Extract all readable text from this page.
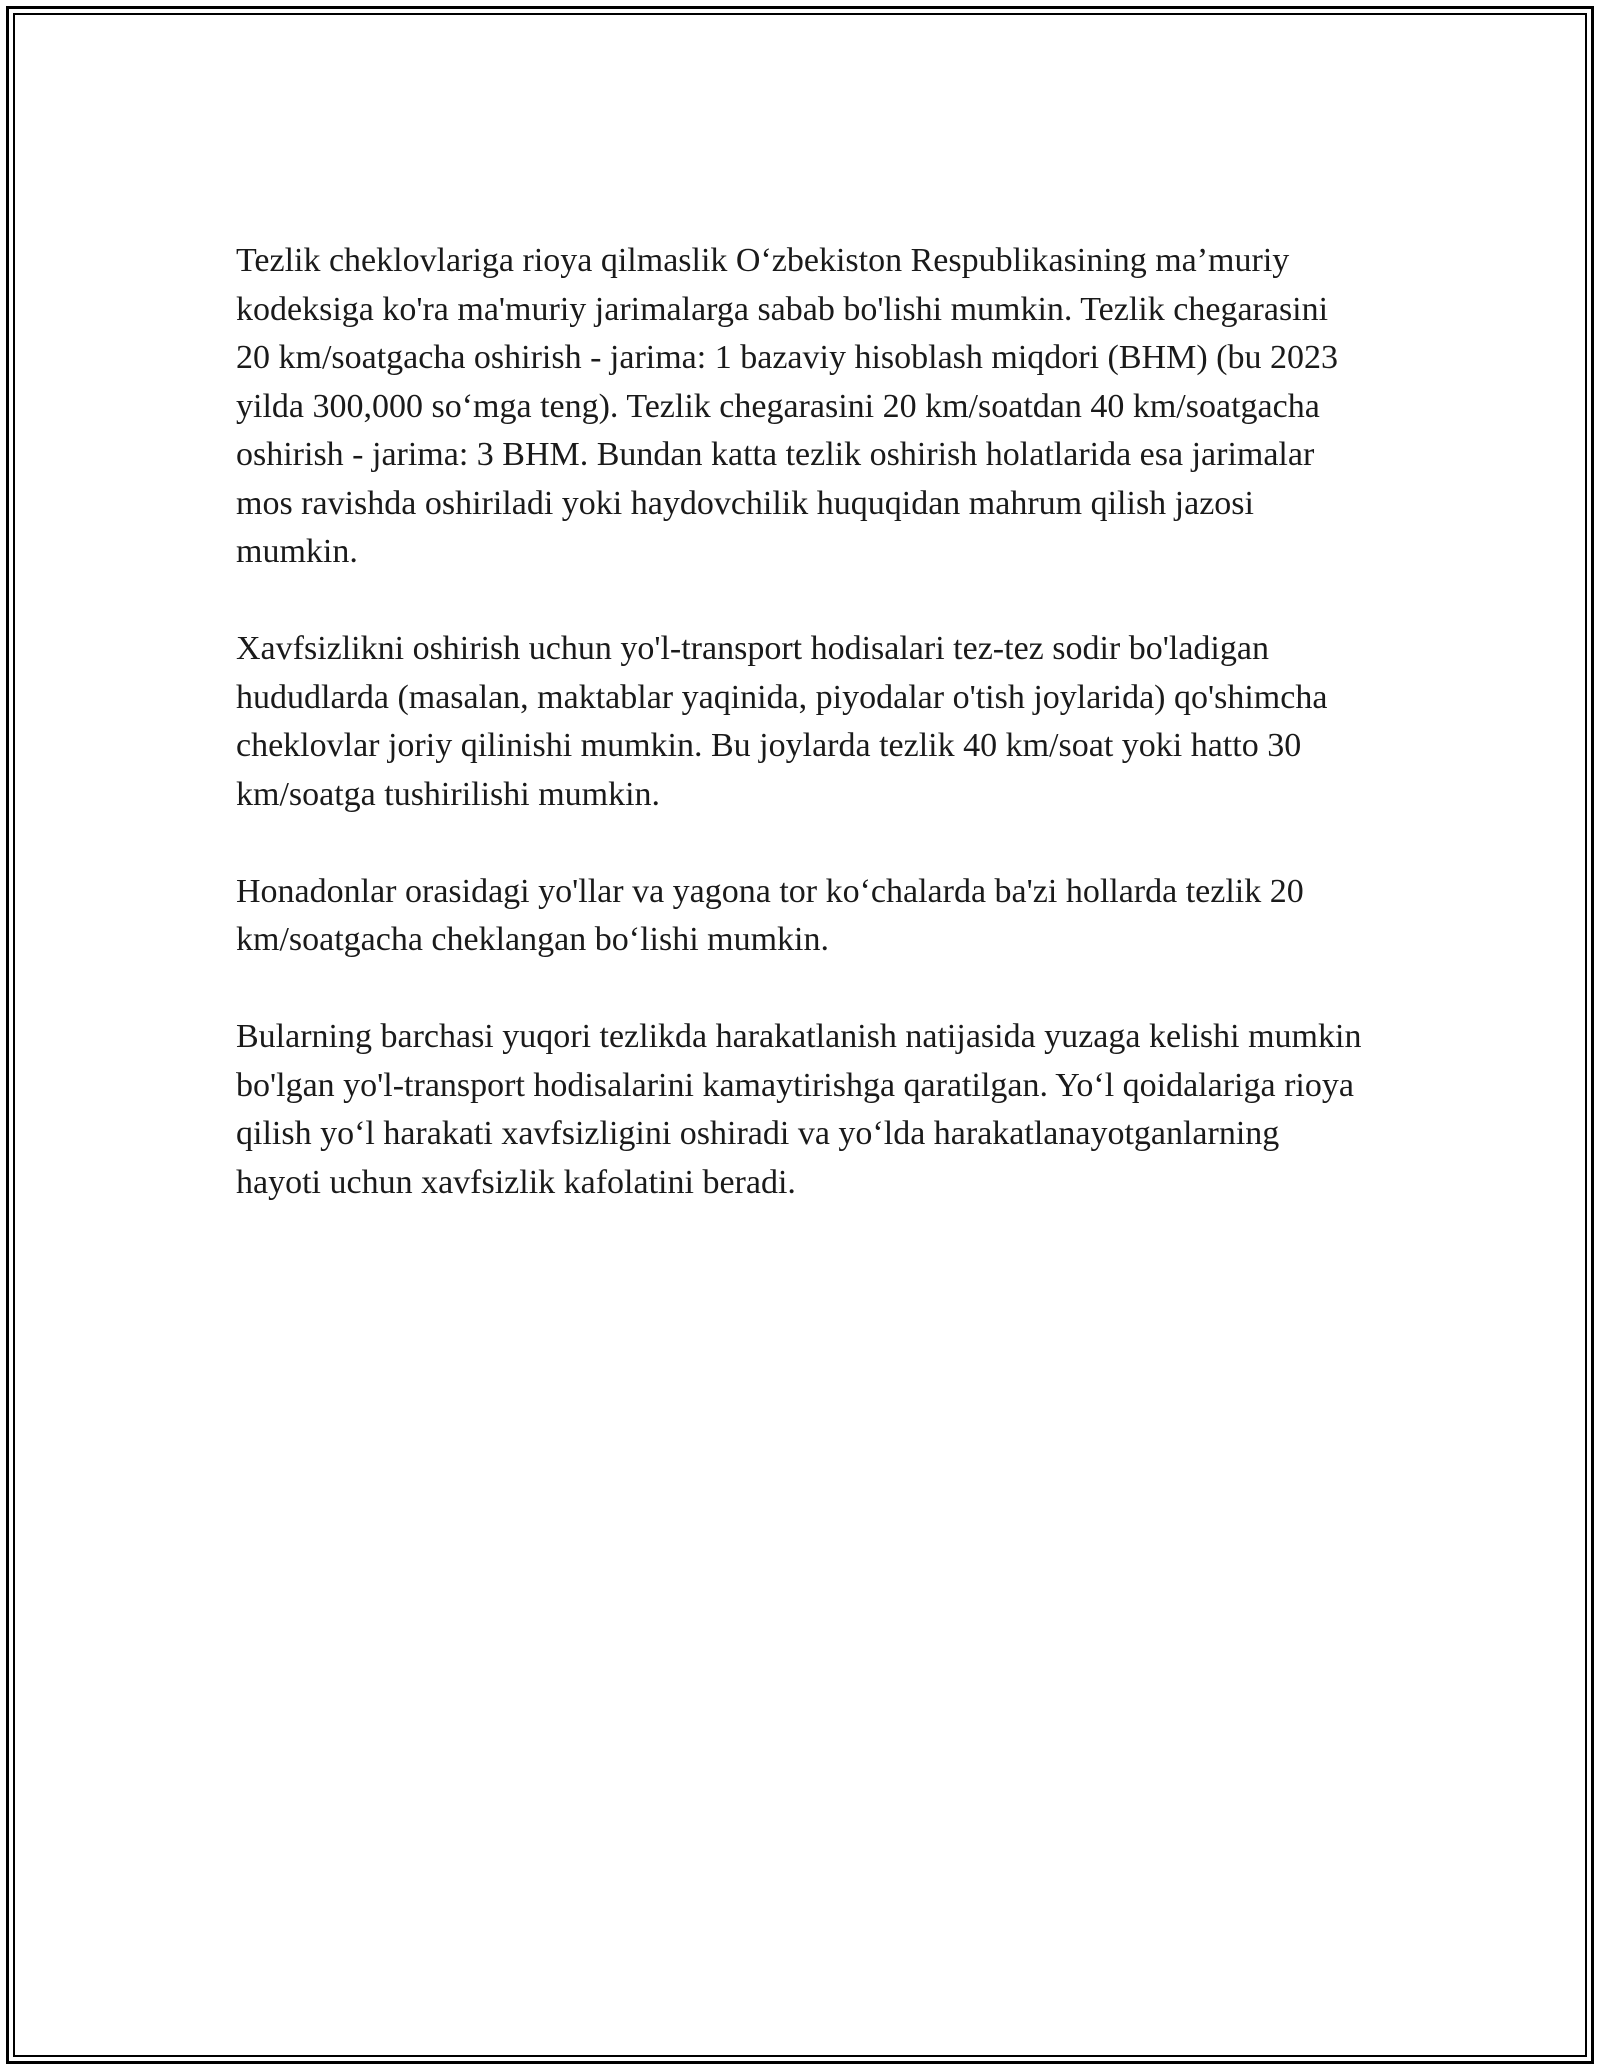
Tezlik cheklovlariga rioya qilmaslik O‘zbekiston Respublikasining ma’muriy kodeksiga ko'ra ma'muriy jarimalarga sabab bo'lishi mumkin. Tezlik chegarasini 20 km/soatgacha oshirish - jarima: 1 bazaviy hisoblash miqdori (BHM) (bu 2023 yilda 300,000 so‘mga teng). Tezlik chegarasini 20 km/soatdan 40 km/soatgacha oshirish - jarima: 3 BHM. Bundan katta tezlik oshirish holatlarida esa jarimalar mos ravishda oshiriladi yoki haydovchilik huquqidan mahrum qilish jazosi mumkin.

Xavfsizlikni oshirish uchun yo'l-transport hodisalari tez-tez sodir bo'ladigan hududlarda (masalan, maktablar yaqinida, piyodalar o'tish joylarida) qo'shimcha cheklovlar joriy qilinishi mumkin. Bu joylarda tezlik 40 km/soat yoki hatto 30 km/soatga tushirilishi mumkin.

Honadonlar orasidagi yo'llar va yagona tor ko‘chalarda ba'zi hollarda tezlik 20 km/soatgacha cheklangan bo‘lishi mumkin.

Bularning barchasi yuqori tezlikda harakatlanish natijasida yuzaga kelishi mumkin bo'lgan yo'l-transport hodisalarini kamaytirishga qaratilgan. Yo‘l qoidalariga rioya qilish yo‘l harakati xavfsizligini oshiradi va yo‘lda harakatlanayotganlarning hayoti uchun xavfsizlik kafolatini beradi.
